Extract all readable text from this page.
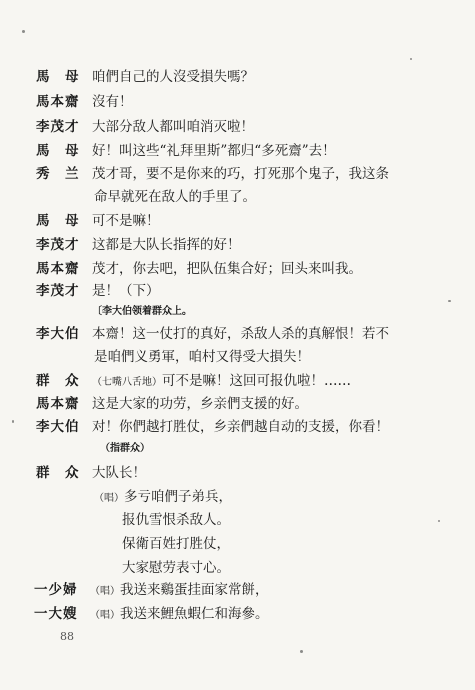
馬　母 咱們自己的人沒受損失嗎？
馬本齋 沒有！
李茂才 大部分敌人都叫咱消灭啦！
馬　母 好！叫这些“礼拜里斯”都归“多死齋”去！
秀　兰 茂才哥，要不是你来的巧，打死那个鬼子，我这条
命早就死在敌人的手里了。
馬　母 可不是嘛！
李茂才 这都是大队长指挥的好！
馬本齋 茂才，你去吧，把队伍集合好；回头来叫我。
李茂才 是！（下）
〔李大伯领着群众上。
李大伯 本齋！这一仗打的真好，杀敌人杀的真解恨！若不
是咱們义勇軍，咱村又得受大損失！
群　众 （七嘴八舌地）可不是嘛！这回可报仇啦！……
馬本齋 这是大家的功劳，乡亲們支援的好。
李大伯 对！你們越打胜仗，乡亲們越自动的支援，你看！
（指群众）
群　众 大队长！
（唱）多亏咱們子弟兵，
报仇雪恨杀敌人。
保衛百姓打胜仗，
大家慰劳表寸心。
一少婦 （唱）我送来鷄蛋挂面家常餅，
一大嫂 （唱）我送来鯉魚蝦仁和海參。
88
